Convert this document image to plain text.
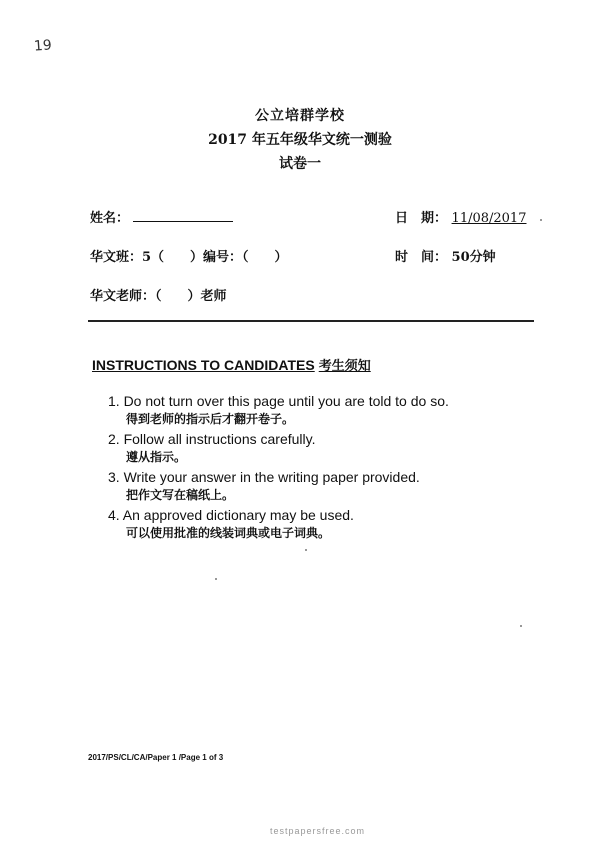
19
公立培群学校
2017 年五年级华文统一测验
试卷一
姓名：	日　期： 11/08/2017
华文班：5（　　）编号：（　　）	时　间： 50分钟
华文老师：（　　）老师
INSTRUCTIONS TO CANDIDATES 考生须知
1. Do not turn over this page until you are told to do so.
得到老师的指示后才翻开卷子。
2. Follow all instructions carefully.
遵从指示。
3. Write your answer in the writing paper provided.
把作文写在稿纸上。
4. An approved dictionary may be used.
可以使用批准的线装词典或电子词典。
2017/PS/CL/CA/Paper 1 /Page 1 of 3
testpapersfree.com
